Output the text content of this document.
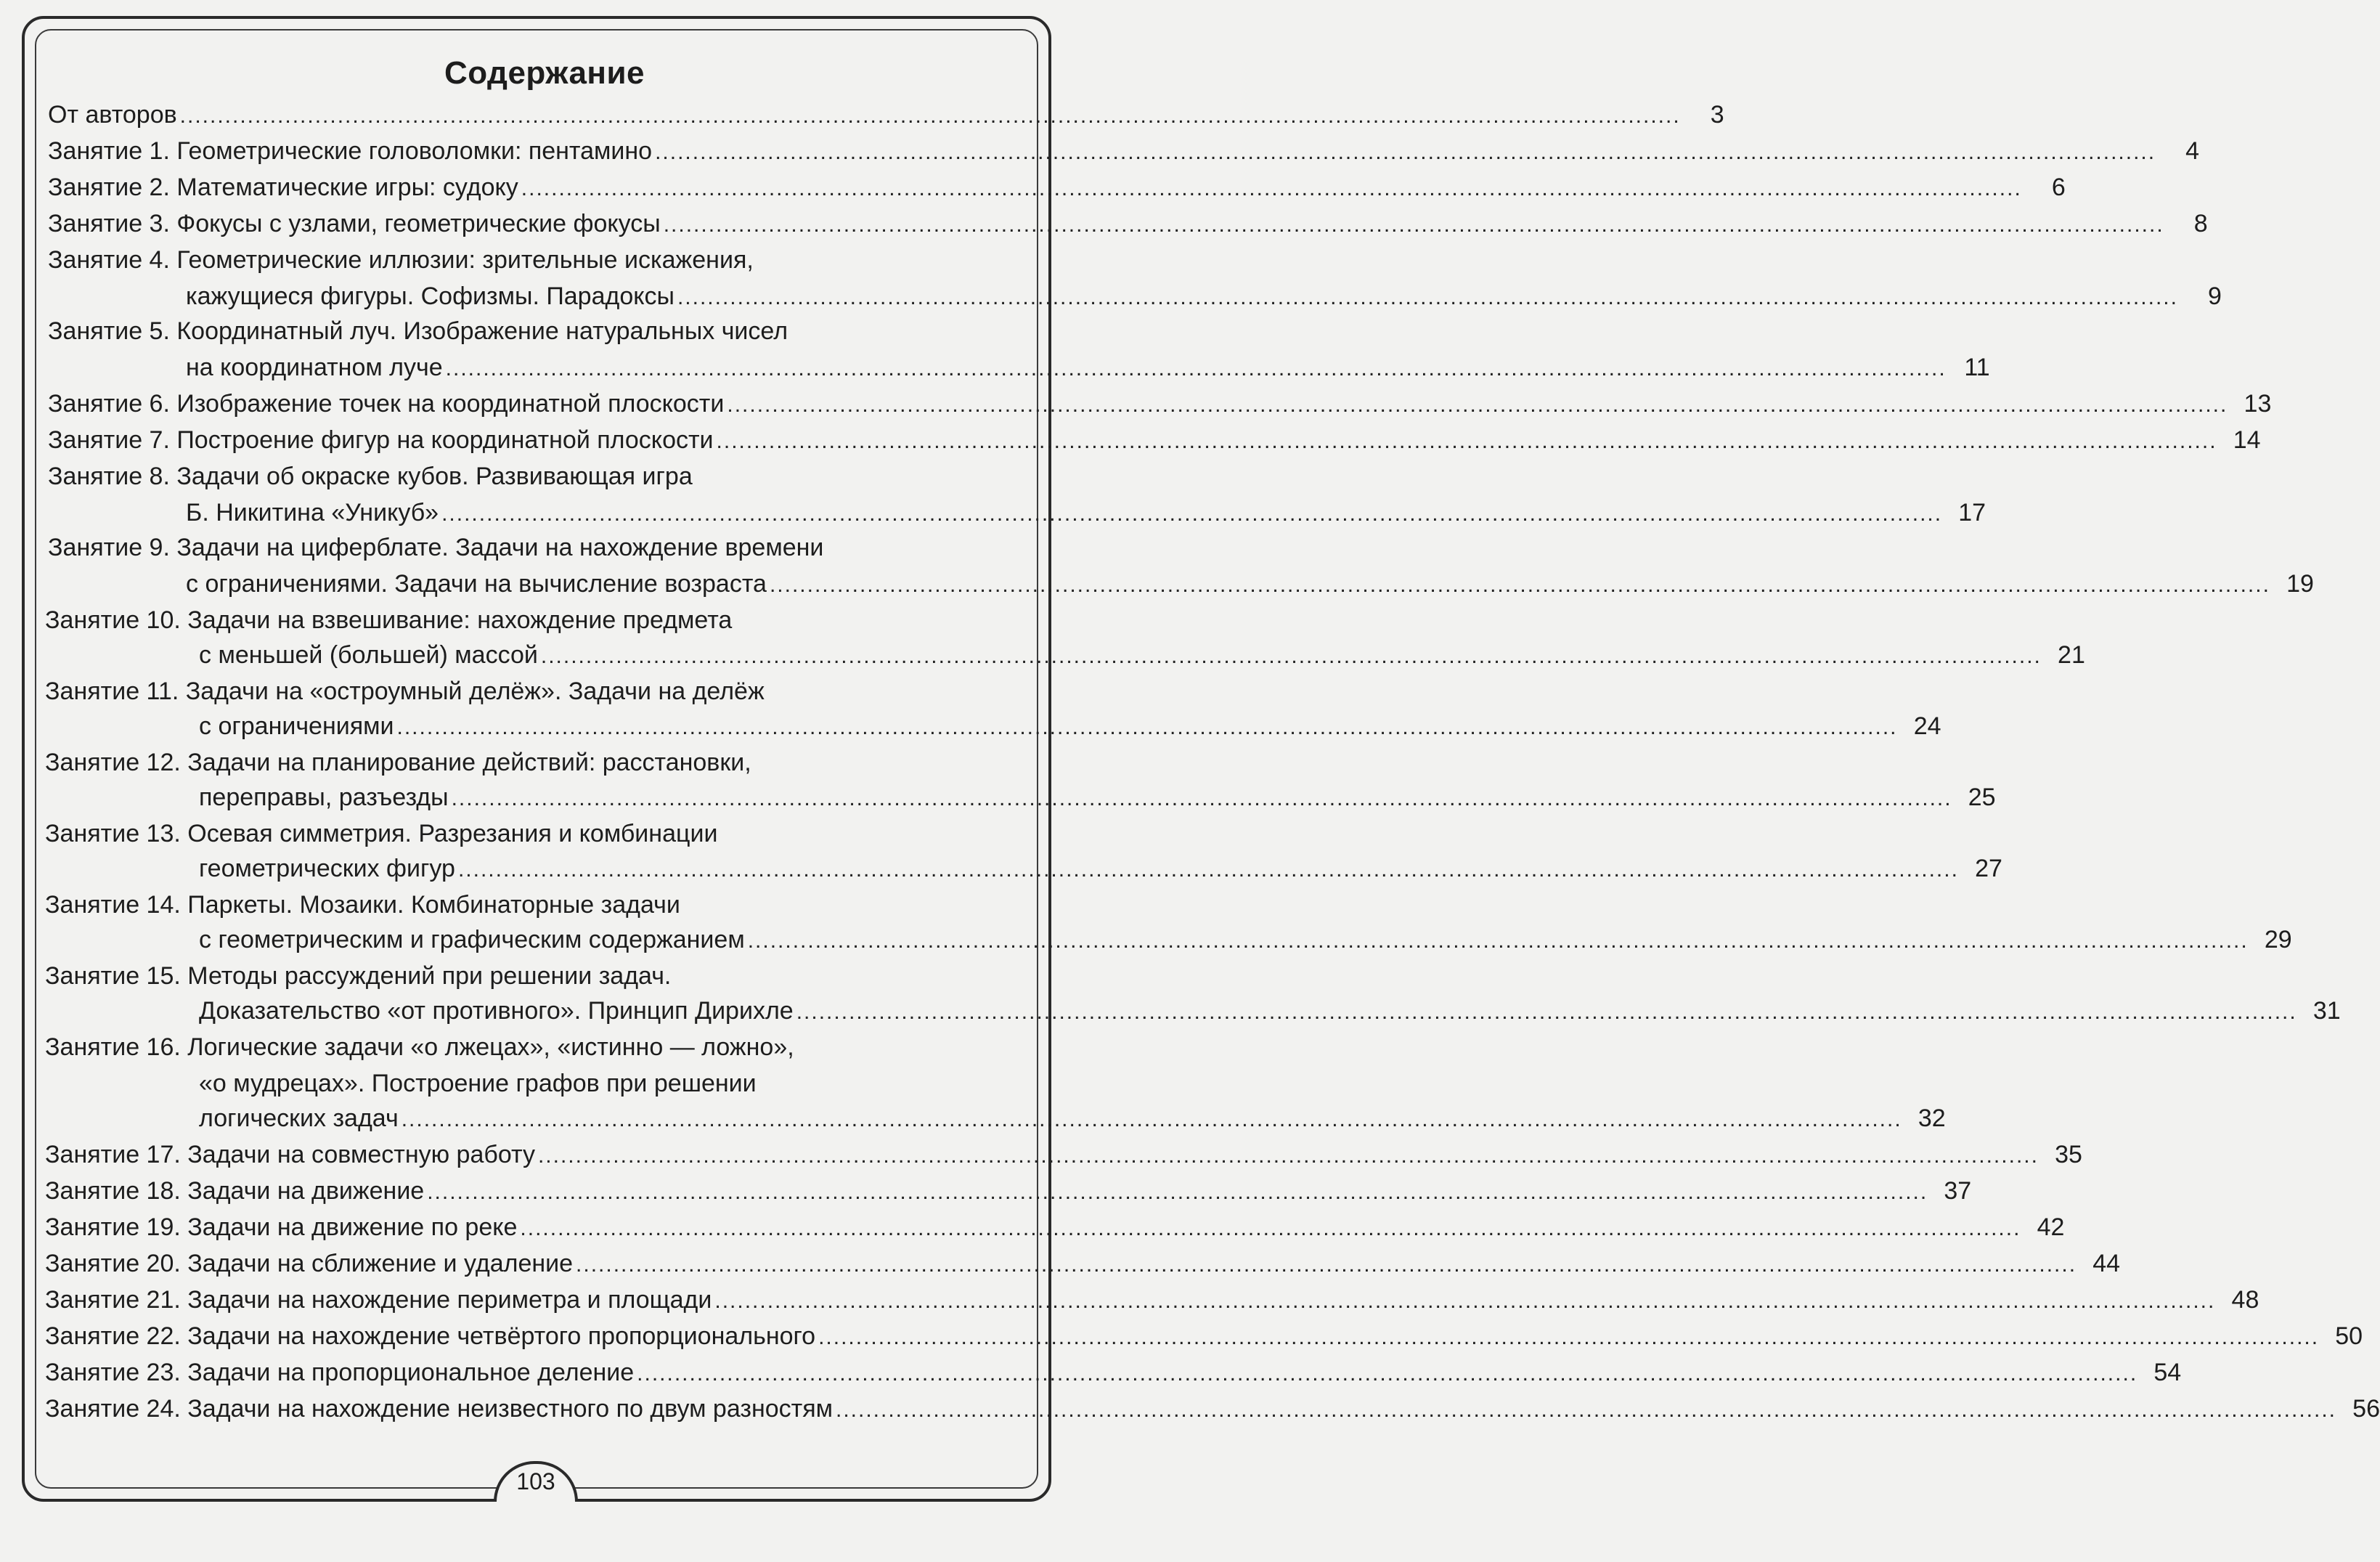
Содержание
От авторов ........................................................................................................................................................................................................	3
Занятие 1. Геометрические головоломки: пентамино ........................................................................................................................................................................................................	4
Занятие 2. Математические игры: судоку ........................................................................................................................................................................................................	6
Занятие 3. Фокусы с узлами, геометрические фокусы ........................................................................................................................................................................................................	8
Занятие 4. Геометрические иллюзии: зрительные искажения,
кажущиеся фигуры. Софизмы. Парадоксы ........................................................................................................................................................................................................	9
Занятие 5. Координатный луч. Изображение натуральных чисел
на координатном луче ........................................................................................................................................................................................................ 11
Занятие 6. Изображение точек на координатной плоскости ........................................................................................................................................................................................................ 13
Занятие 7. Построение фигур на координатной плоскости ........................................................................................................................................................................................................ 14
Занятие 8. Задачи об окраске кубов. Развивающая игра
Б. Никитина «Уникуб» ........................................................................................................................................................................................................ 17
Занятие 9. Задачи на циферблате. Задачи на нахождение времени
с ограничениями. Задачи на вычисление возраста ........................................................................................................................................................................................................ 19
Занятие 10. Задачи на взвешивание: нахождение предмета
с меньшей (большей) массой ........................................................................................................................................................................................................ 21
Занятие 11. Задачи на «остроумный делёж». Задачи на делёж
с ограничениями ........................................................................................................................................................................................................ 24
Занятие 12. Задачи на планирование действий: расстановки,
переправы, разъезды ........................................................................................................................................................................................................ 25
Занятие 13. Осевая симметрия. Разрезания и комбинации
геометрических фигур ........................................................................................................................................................................................................ 27
Занятие 14. Паркеты. Мозаики. Комбинаторные задачи
с геометрическим и графическим содержанием ........................................................................................................................................................................................................ 29
Занятие 15. Методы рассуждений при решении задач.
Доказательство «от противного». Принцип Дирихле ........................................................................................................................................................................................................ 31
Занятие 16. Логические задачи «о лжецах», «истинно — ложно»,
«о мудрецах». Построение графов при решении
логических задач ........................................................................................................................................................................................................ 32
Занятие 17. Задачи на совместную работу ........................................................................................................................................................................................................ 35
Занятие 18. Задачи на движение ........................................................................................................................................................................................................ 37
Занятие 19. Задачи на движение по реке ........................................................................................................................................................................................................ 42
Занятие 20. Задачи на сближение и удаление ........................................................................................................................................................................................................ 44
Занятие 21. Задачи на нахождение периметра и площади ........................................................................................................................................................................................................ 48
Занятие 22. Задачи на нахождение четвёртого пропорционального ........................................................................................................................................................................................................ 50
Занятие 23. Задачи на пропорциональное деление ........................................................................................................................................................................................................ 54
Занятие 24. Задачи на нахождение неизвестного по двум разностям ........................................................................................................................................................................................................ 56
103
